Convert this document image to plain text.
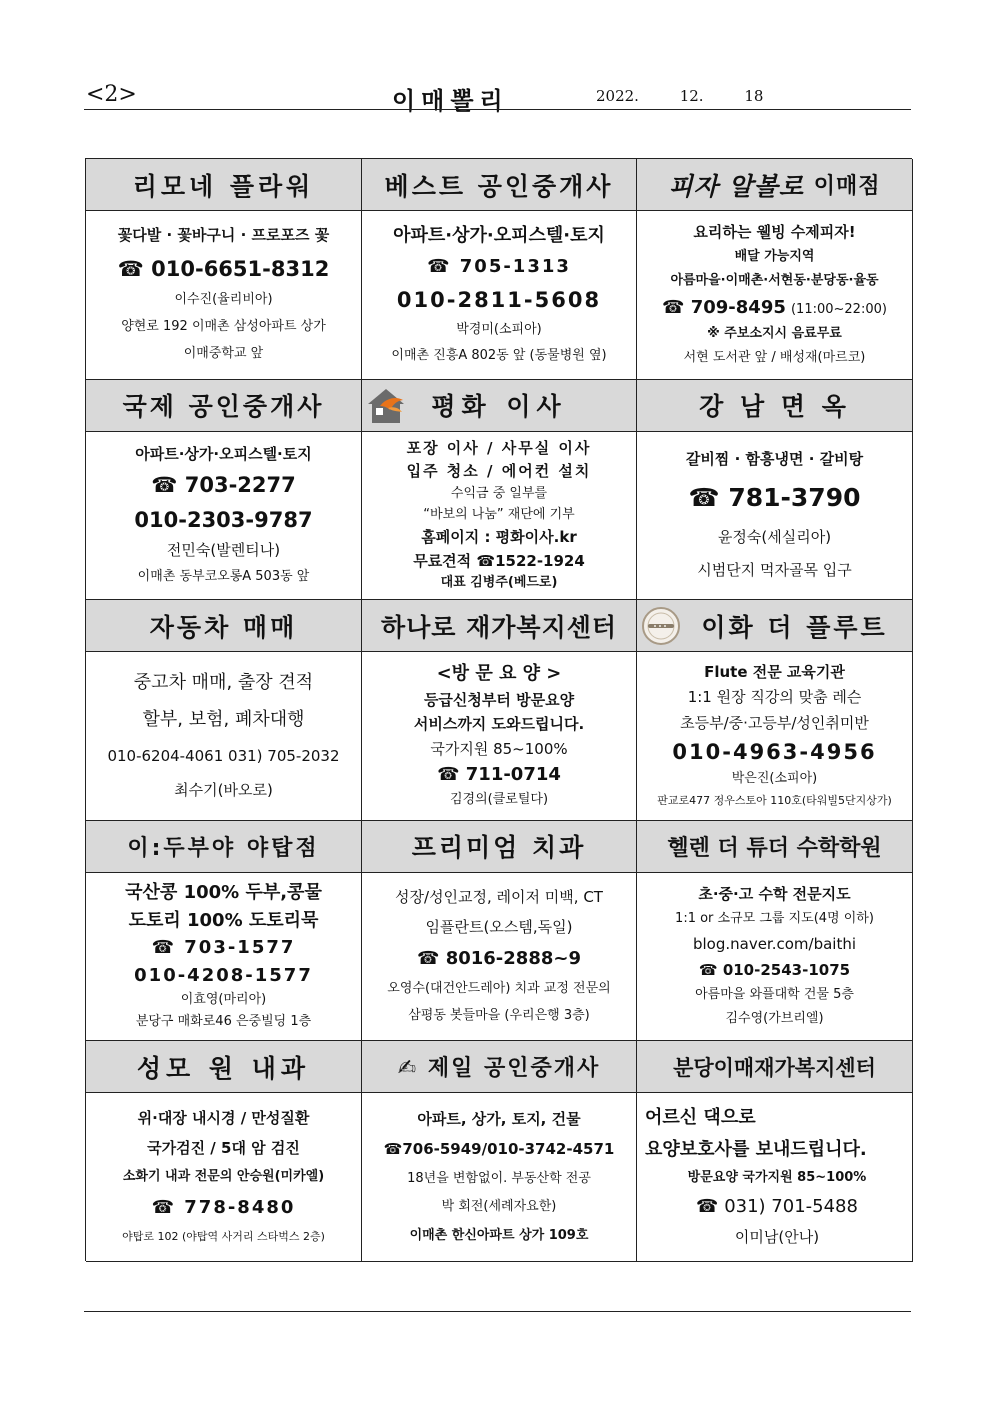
<2>	이매뽈리	2022. 12. 18
리모네 플라워
꽃다발 · 꽃바구니 · 프로포즈 꽃
☎ 010-6651-8312
이수진(율리비아)
양현로 192 이매촌 삼성아파트 상가
이매중학교 앞
베스트 공인중개사
아파트·상가·오피스텔·토지
☎ 705-1313
010-2811-5608
박경미(소피아)
이매촌 진흥A 802동 앞 (동물병원 옆)
피자 알볼로
이매점
요리하는 웰빙 수제피자!
배달 가능지역
아름마을·이매촌·서현동·분당동·율동
☎ 709-8495 (11:00~22:00)
※ 주보소지시 음료무료
서현 도서관 앞 / 배성재(마르코)
국제 공인중개사
아파트·상가·오피스텔·토지
☎ 703-2277
010-2303-9787
전민숙(발렌티나)
이매촌 동부코오롱A 503동 앞
평화 이사
포장 이사 / 사무실 이사
입주 청소 / 에어컨 설치
수익금 중 일부를
“바보의 나눔” 재단에 기부
홈페이지 : 평화이사.kr
무료견적 ☎1522-1924
대표 김병주(베드로)
강 남 면 옥
갈비찜 · 함흥냉면 · 갈비탕
☎ 781-3790
윤정숙(세실리아)
시범단지 먹자골목 입구
자동차 매매
중고차 매매, 출장 견적
할부, 보험, 폐차대행
010-6204-4061 031) 705-2032
최수기(바오로)
하나로 재가복지센터
<방 문 요 양 >
등급신청부터 방문요양
서비스까지 도와드립니다.
국가지원 85~100%
☎ 711-0714
김경의(클로틸다)
이화 더 플루트
Flute 전문 교육기관
1:1 원장 직강의 맞춤 레슨
초등부/중·고등부/성인취미반
010-4963-4956
박은진(소피아)
판교로477 정우스토아 110호(타워빌5단지상가)
이:두부야 야탑점
국산콩 100% 두부,콩물
도토리 100% 도토리묵
☎ 703-1577
010-4208-1577
이효영(마리아)
분당구 매화로46 은중빌딩 1층
프리미엄 치과
성장/성인교정, 레이저 미백, CT
임플란트(오스템,독일)
☎ 8016-2888~9
오영수(대건안드레아) 치과 교정 전문의
삼평동 봇들마을 (우리은행 3층)
헬렌 더 튜더 수학학원
초·중·고 수학 전문지도
1:1 or 소규모 그룹 지도(4명 이하)
blog.naver.com/baithi
☎ 010-2543-1075
아름마을 와플대학 건물 5층
김수영(가브리엘)
성모 원 내과
위·대장 내시경 / 만성질환
국가검진 / 5대 암 검진
소화기 내과 전문의 안승원(미카엘)
☎ 778-8480
야탑로 102 (야탑역 사거리 스타벅스 2층)
✍ 제일 공인중개사
아파트, 상가, 토지, 건물
☎706-5949/010-3742-4571
18년을 변함없이. 부동산학 전공
박 회전(세례자요한)
이매촌 한신아파트 상가 109호
분당이매재가복지센터
어르신 댁으로
요양보호사를 보내드립니다.
방문요양 국가지원 85~100%
☎ 031) 701-5488
이미남(안나)
